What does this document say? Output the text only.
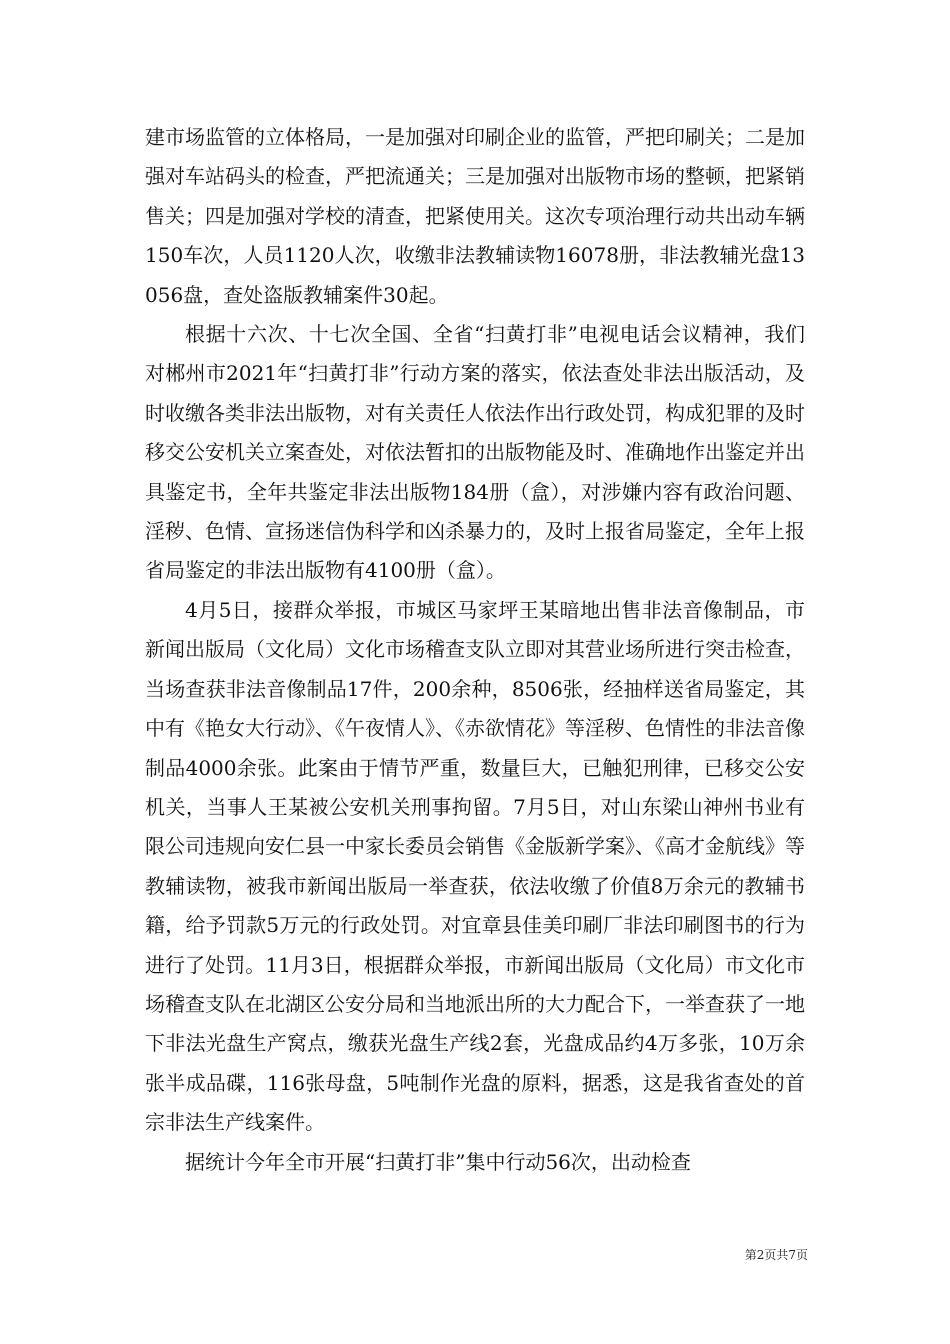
建市场监管的立体格局，一是加强对印刷企业的监管，严把印刷关；二是加强对车站码头的检查，严把流通关；三是加强对出版物市场的整顿，把紧销售关；四是加强对学校的清查，把紧使用关。这次专项治理行动共出动车辆150车次，人员1120人次，收缴非法教辅读物16078册，非法教辅光盘13056盘，查处盗版教辅案件30起。

根据十六次、十七次全国、全省“扫黄打非”电视电话会议精神，我们对郴州市2021年“扫黄打非”行动方案的落实，依法查处非法出版活动，及时收缴各类非法出版物，对有关责任人依法作出行政处罚，构成犯罪的及时移交公安机关立案查处，对依法暂扣的出版物能及时、准确地作出鉴定并出具鉴定书，全年共鉴定非法出版物184册（盒），对涉嫌内容有政治问题、淫秽、色情、宣扬迷信伪科学和凶杀暴力的，及时上报省局鉴定，全年上报省局鉴定的非法出版物有4100册（盒）。

4月5日，接群众举报，市城区马家坪王某暗地出售非法音像制品，市新闻出版局（文化局）文化市场稽查支队立即对其营业场所进行突击检查，当场查获非法音像制品17件，200余种，8506张，经抽样送省局鉴定，其中有《艳女大行动》、《午夜情人》、《赤欲情花》等淫秽、色情性的非法音像制品4000余张。此案由于情节严重，数量巨大，已触犯刑律，已移交公安机关，当事人王某被公安机关刑事拘留。7月5日，对山东梁山神州书业有限公司违规向安仁县一中家长委员会销售《金版新学案》、《高才金航线》等教辅读物，被我市新闻出版局一举查获，依法收缴了价值8万余元的教辅书籍，给予罚款5万元的行政处罚。对宜章县佳美印刷厂非法印刷图书的行为进行了处罚。11月3日，根据群众举报，市新闻出版局（文化局）市文化市场稽查支队在北湖区公安分局和当地派出所的大力配合下，一举查获了一地下非法光盘生产窝点，缴获光盘生产线2套，光盘成品约4万多张，10万余张半成品碟，116张母盘，5吨制作光盘的原料，据悉，这是我省查处的首宗非法生产线案件。

据统计今年全市开展“扫黄打非”集中行动56次，出动检查

第2页共7页
